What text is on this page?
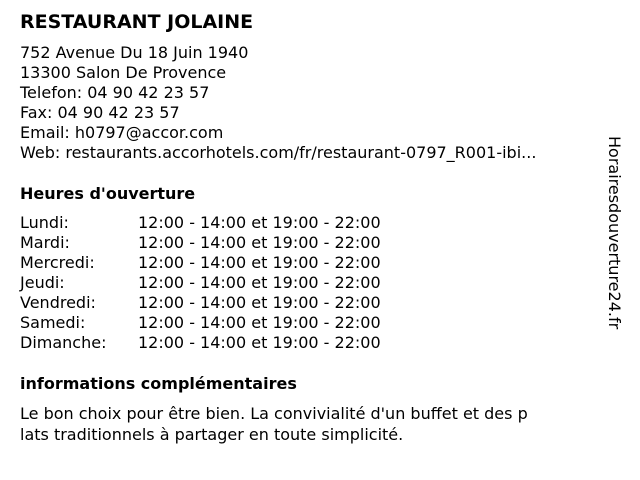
RESTAURANT JOLAINE
752 Avenue Du 18 Juin 1940
13300 Salon De Provence
Telefon: 04 90 42 23 57
Fax: 04 90 42 23 57
Email: h0797@accor.com
Web: restaurants.accorhotels.com/fr/restaurant-0797_R001-ibi...
Heures d'ouverture
Lundi:	12:00 - 14:00 et 19:00 - 22:00
Mardi:	12:00 - 14:00 et 19:00 - 22:00
Mercredi:	12:00 - 14:00 et 19:00 - 22:00
Jeudi:	12:00 - 14:00 et 19:00 - 22:00
Vendredi:	12:00 - 14:00 et 19:00 - 22:00
Samedi:	12:00 - 14:00 et 19:00 - 22:00
Dimanche: 12:00 - 14:00 et 19:00 - 22:00
informations complémentaires
Le bon choix pour être bien. La convivialité d'un buffet et des p
lats traditionnels à partager en toute simplicité.
Horairesdouverture24.fr
